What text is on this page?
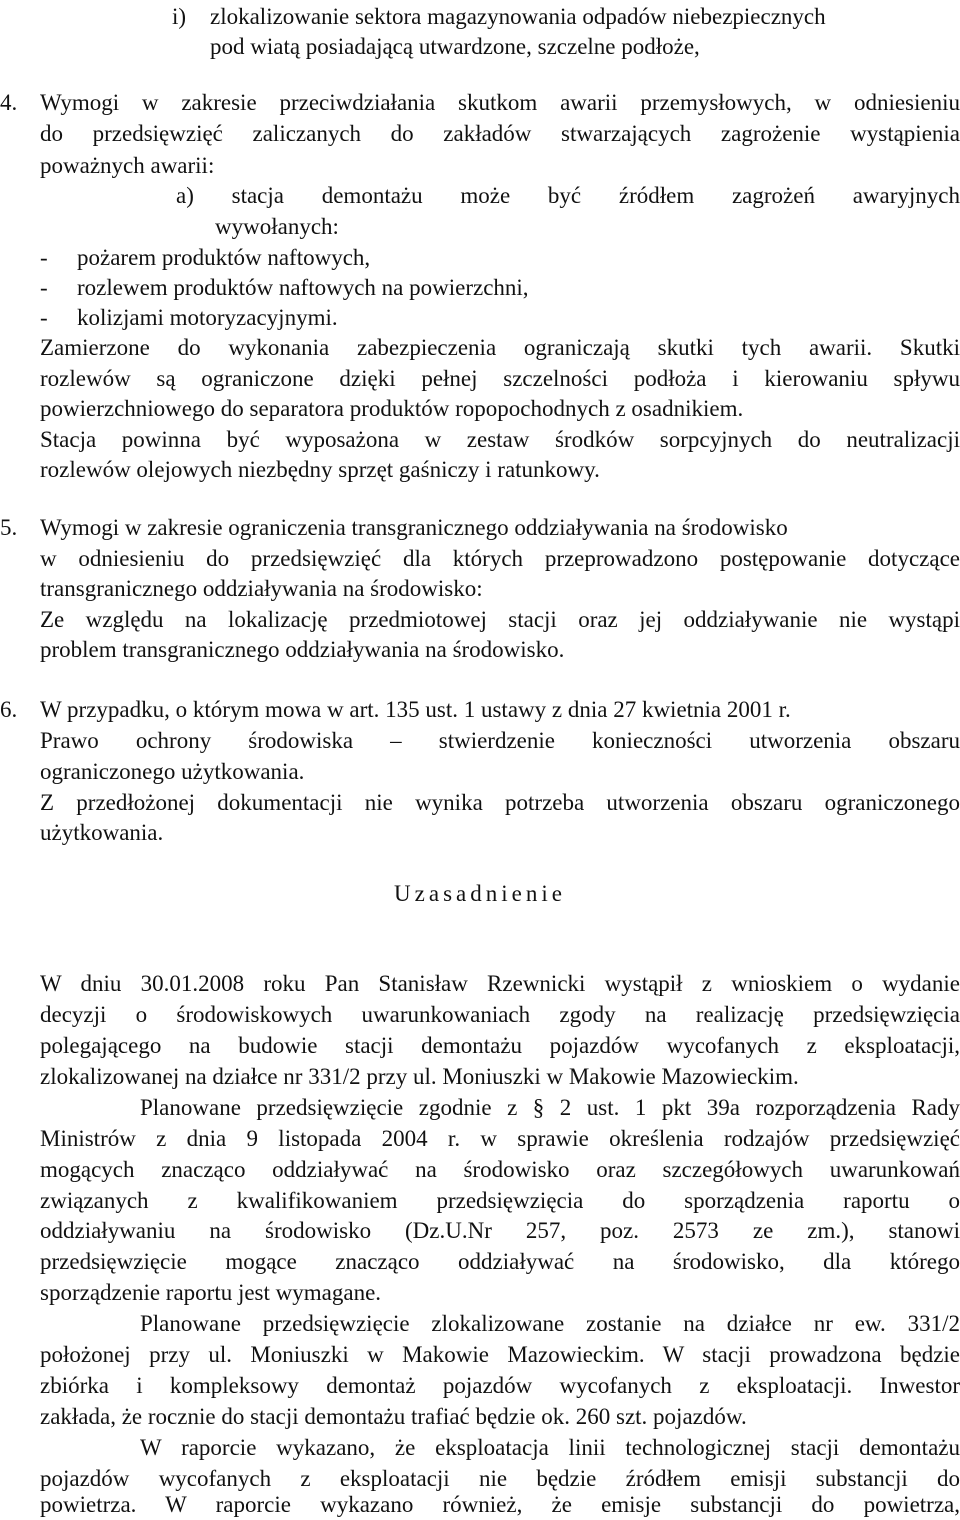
i)	zlokalizowanie sektora magazynowania odpadów niebezpiecznych

pod wiatą posiadającą utwardzone, szczelne podłoże,

4. Wymogi w zakresie przeciwdziałania skutkom awarii przemysłowych, w odniesieniu

do przedsięwzięć zaliczanych do zakładów stwarzających zagrożenie wystąpienia

poważnych awarii:

a) stacja demontażu może być źródłem zagrożeń awaryjnych

wywołanych:

-	pożarem produktów naftowych,

-	rozlewem produktów naftowych na powierzchni,

-	kolizjami motoryzacyjnymi.

Zamierzone do wykonania zabezpieczenia ograniczają skutki tych awarii. Skutki

rozlewów są ograniczone dzięki pełnej szczelności podłoża i kierowaniu spływu

powierzchniowego do separatora produktów ropopochodnych z osadnikiem.

Stacja powinna być wyposażona w zestaw środków sorpcyjnych do neutralizacji

rozlewów olejowych niezbędny sprzęt gaśniczy i ratunkowy.

5. Wymogi w zakresie ograniczenia transgranicznego oddziaływania na środowisko

w odniesieniu do przedsięwzięć dla których przeprowadzono postępowanie dotyczące

transgranicznego oddziaływania na środowisko:

Ze względu na lokalizację przedmiotowej stacji oraz jej oddziaływanie nie wystąpi

problem transgranicznego oddziaływania na środowisko.

6. W przypadku, o którym mowa w art. 135 ust. 1 ustawy z dnia 27 kwietnia 2001 r.

Prawo ochrony środowiska – stwierdzenie konieczności utworzenia obszaru

ograniczonego użytkowania.

Z przedłożonej dokumentacji nie wynika potrzeba utworzenia obszaru ograniczonego

użytkowania.

Uzasadnienie

W dniu 30.01.2008 roku Pan Stanisław Rzewnicki wystąpił z wnioskiem o wydanie

decyzji o środowiskowych uwarunkowaniach zgody na realizację przedsięwzięcia

polegającego na budowie stacji demontażu pojazdów wycofanych z eksploatacji,

zlokalizowanej na działce nr 331/2 przy ul. Moniuszki w Makowie Mazowieckim.

Planowane przedsięwzięcie zgodnie z § 2 ust. 1 pkt 39a rozporządzenia Rady

Ministrów z dnia 9 listopada 2004 r. w sprawie określenia rodzajów przedsięwzięć

mogących znacząco oddziaływać na środowisko oraz szczegółowych uwarunkowań

związanych z kwalifikowaniem przedsięwzięcia do sporządzenia raportu o

oddziaływaniu na środowisko (Dz.U.Nr 257, poz. 2573 ze zm.), stanowi

przedsięwzięcie mogące znacząco oddziaływać na środowisko, dla którego

sporządzenie raportu jest wymagane.

Planowane przedsięwzięcie zlokalizowane zostanie na działce nr ew. 331/2

położonej przy ul. Moniuszki w Makowie Mazowieckim. W stacji prowadzona będzie

zbiórka i kompleksowy demontaż pojazdów wycofanych z eksploatacji. Inwestor

zakłada, że rocznie do stacji demontażu trafiać będzie ok. 260 szt. pojazdów.

W raporcie wykazano, że eksploatacja linii technologicznej stacji demontażu

pojazdów wycofanych z eksploatacji nie będzie źródłem emisji substancji do

powietrza. W raporcie wykazano również, że emisje substancji do powietrza,
